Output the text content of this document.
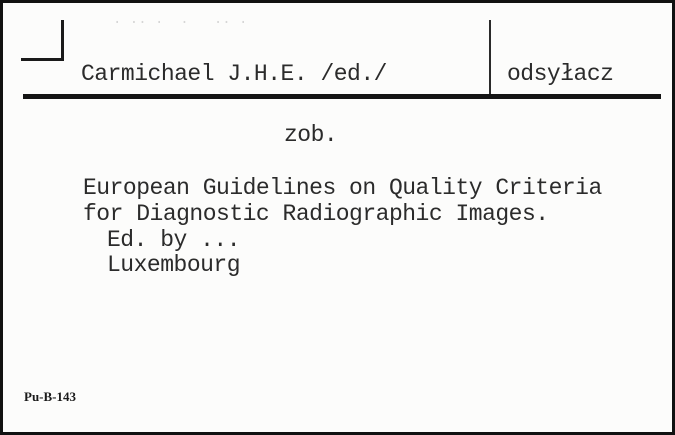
· ·· ·  ·   ·· ·
Carmichael J.H.E. /ed./	odsyłacz
zob.
European Guidelines on Quality Criteria
for Diagnostic Radiographic Images.
Ed. by ...
Luxembourg
Pu-B-143
